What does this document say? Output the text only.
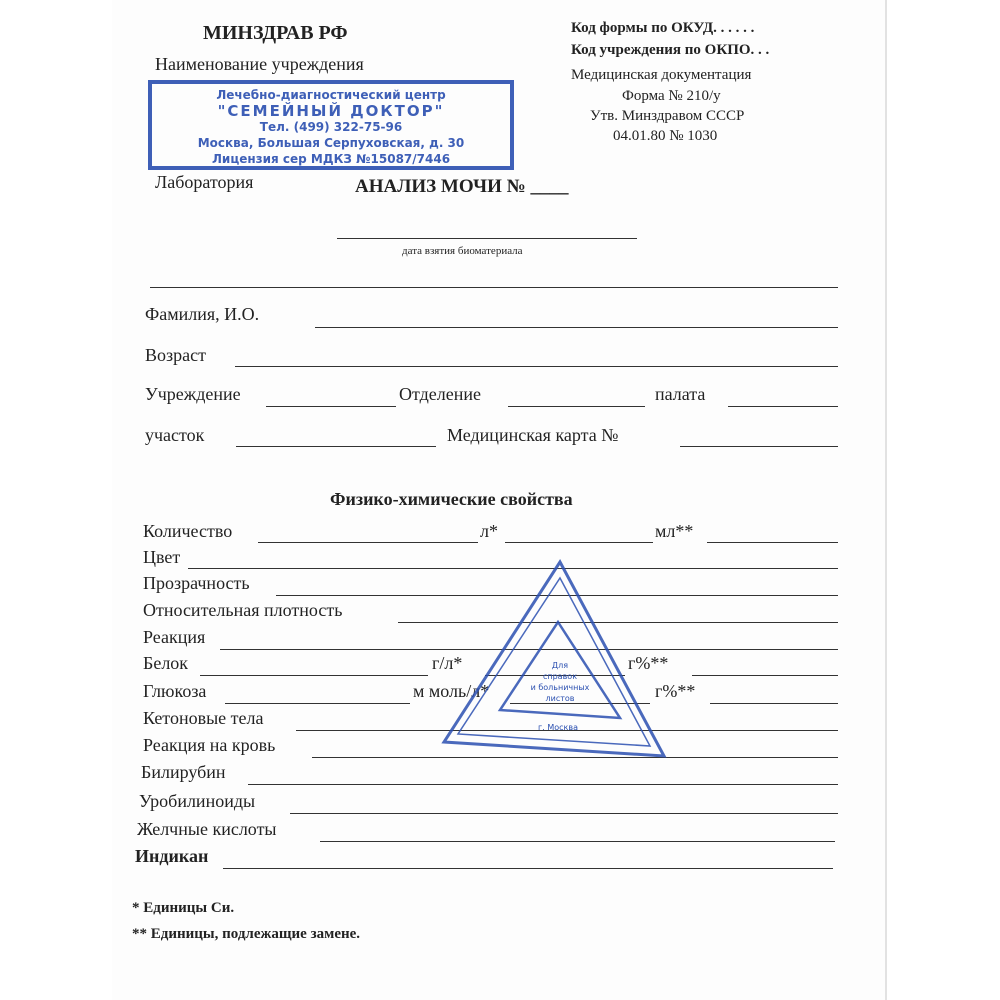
МИНЗДРАВ РФ
Наименование учреждения
Лечебно-диагностический центр
"СЕМЕЙНЫЙ ДОКТОР"
Тел. (499) 322-75-96
Москва, Большая Серпуховская, д. 30
Лицензия сер МДКЗ №15087/7446
Лаборатория
Код формы по ОКУД. . . . . .
Код учреждения по ОКПО. . .
Медицинская документация
Форма № 210/у
Утв. Минздравом СССР
04.01.80 № 1030
АНАЛИЗ МОЧИ № ____
дата взятия биоматериала
Фамилия, И.О.
Возраст
Учреждение	Отделение	палата
участок	Медицинская карта №
Физико-химические свойства
Количество	л*	мл**
Цвет
Прозрачность
Относительная плотность
Реакция
Белок	г/л*	г%**
Глюкоза	м моль/л*	г%**
Кетоновые тела
Реакция на кровь
Билирубин
Уробилиноиды
Желчные кислоты
Индикан
Для
справок
и больничных
листов
г. Москва
* Единицы Си.
** Единицы, подлежащие замене.
